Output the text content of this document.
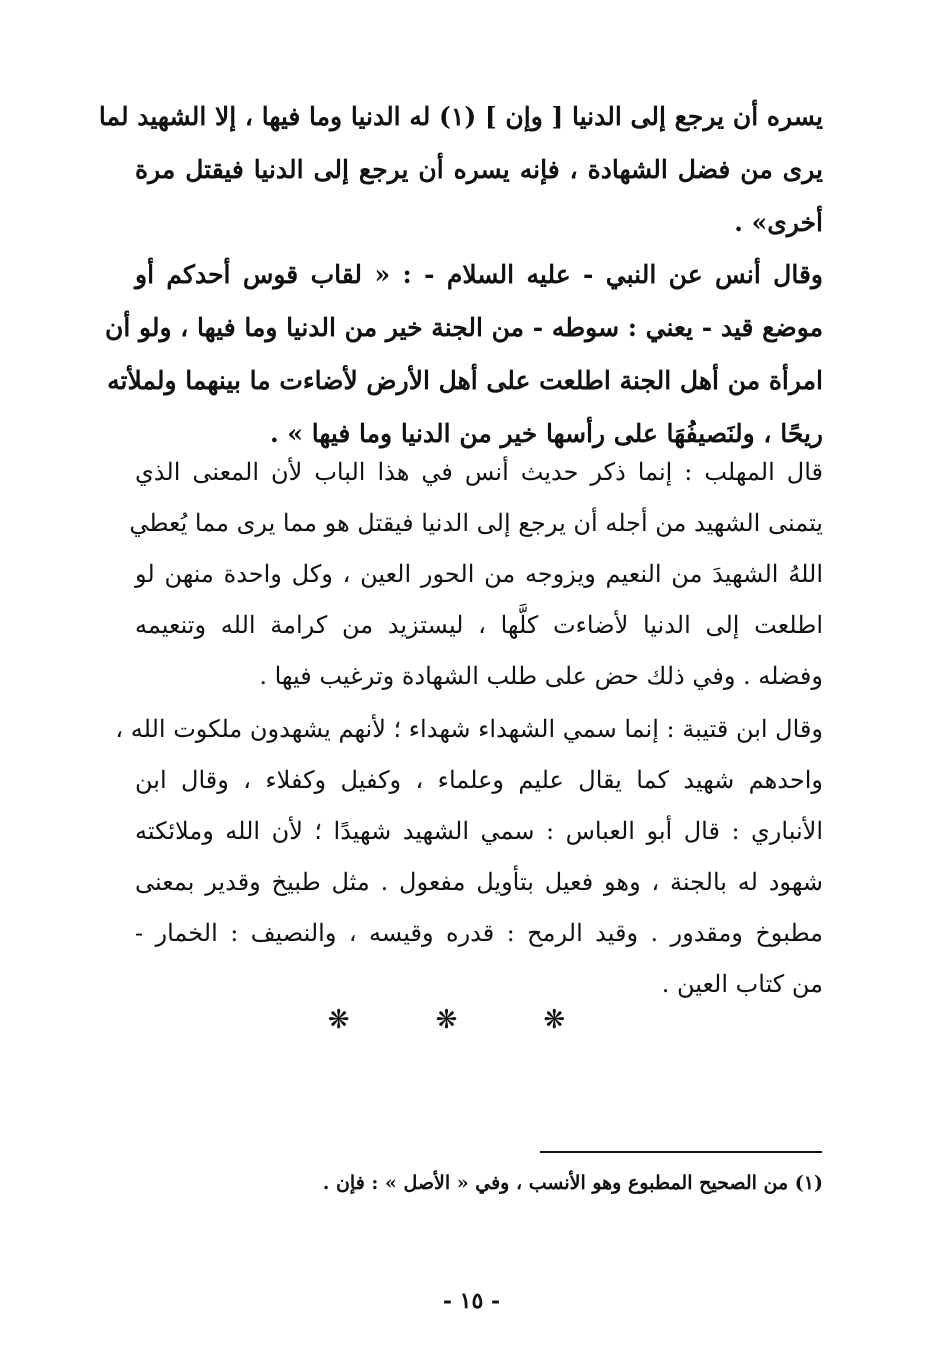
يسره أن يرجع إلى الدنيا [ وإن ] (١) له الدنيا وما فيها ، إلا الشهيد لما
يرى من فضل الشهادة ، فإنه يسره أن يرجع إلى الدنيا فيقتل مرة
أخرى» .
وقال أنس عن النبي - عليه السلام - : « لقاب قوس أحدكم أو
موضع قيد - يعني : سوطه - من الجنة خير من الدنيا وما فيها ، ولو أن
امرأة من أهل الجنة اطلعت على أهل الأرض لأضاءت ما بينهما ولملأته
ريحًا ، ولنَصيفُهَا على رأسها خير من الدنيا وما فيها » .
قال المهلب : إنما ذكر حديث أنس في هذا الباب لأن المعنى الذي
يتمنى الشهيد من أجله أن يرجع إلى الدنيا فيقتل هو مما يرى مما يُعطي
اللهُ الشهيدَ من النعيم ويزوجه من الحور العين ، وكل واحدة منهن لو
اطلعت إلى الدنيا لأضاءت كلَّها ، ليستزيد من كرامة الله وتنعيمه
وفضله . وفي ذلك حض على طلب الشهادة وترغيب فيها .
وقال ابن قتيبة : إنما سمي الشهداء شهداء ؛ لأنهم يشهدون ملكوت الله ،
واحدهم شهيد كما يقال عليم وعلماء ، وكفيل وكفلاء ، وقال ابن
الأنباري : قال أبو العباس : سمي الشهيد شهيدًا ؛ لأن الله وملائكته
شهود له بالجنة ، وهو فعيل بتأويل مفعول . مثل طبيخ وقدير بمعنى
مطبوخ ومقدور . وقيد الرمح : قدره وقيسه ، والنصيف : الخمار -
من كتاب العين .
❋ ❋ ❋
(١) من الصحيح المطبوع وهو الأنسب ، وفي « الأصل » : فإن .
- ١٥ -
